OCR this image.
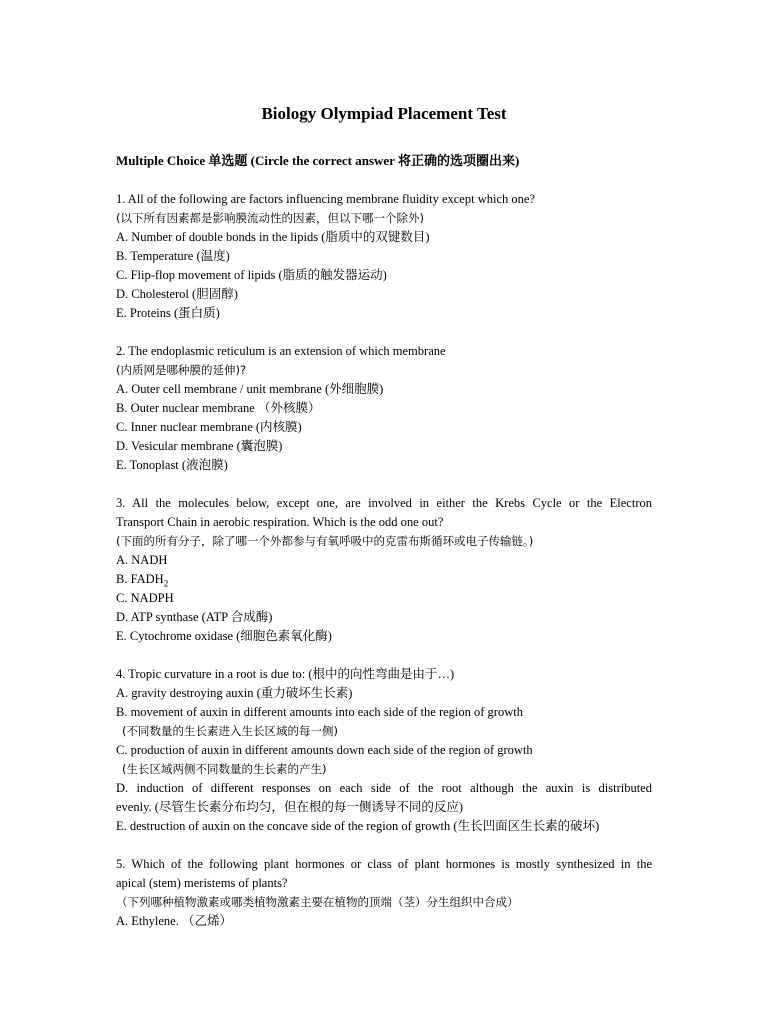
Biology Olympiad Placement Test
Multiple Choice 单选题 (Circle the correct answer 将正确的选项圈出来)
1. All of the following are factors influencing membrane fluidity except which one?
(以下所有因素都是影响膜流动性的因素，但以下哪一个除外)
A. Number of double bonds in the lipids (脂质中的双键数目)
B. Temperature (温度)
C. Flip-flop movement of lipids (脂质的触发器运动)
D. Cholesterol (胆固醇)
E. Proteins (蛋白质)
2. The endoplasmic reticulum is an extension of which membrane
(内质网是哪种膜的延伸)?
A. Outer cell membrane / unit membrane (外细胞膜)
B. Outer nuclear membrane （外核膜）
C. Inner nuclear membrane (内核膜)
D. Vesicular membrane (囊泡膜)
E. Tonoplast (液泡膜)
3. All the molecules below, except one, are involved in either the Krebs Cycle or the Electron
Transport Chain in aerobic respiration. Which is the odd one out?
(下面的所有分子，除了哪一个外都参与有氧呼吸中的克雷布斯循环或电子传输链。)
A. NADH
B. $FADH_2$
C. NADPH
D. ATP synthase (ATP 合成酶)
E. Cytochrome oxidase (细胞色素氧化酶)
4. Tropic curvature in a root is due to: (根中的向性弯曲是由于…)
A. gravity destroying auxin (重力破坏生长素)
B. movement of auxin in different amounts into each side of the region of growth
(不同数量的生长素进入生长区域的每一侧)
C. production of auxin in different amounts down each side of the region of growth
(生长区域两侧不同数量的生长素的产生)
D. induction of different responses on each side of the root although the auxin is distributed
evenly. (尽管生长素分布均匀，但在根的每一侧诱导不同的反应)
E. destruction of auxin on the concave side of the region of growth (生长凹面区生长素的破坏)
5. Which of the following plant hormones or class of plant hormones is mostly synthesized in the
apical (stem) meristems of plants?
（下列哪种植物激素或哪类植物激素主要在植物的顶端（茎）分生组织中合成）
A. Ethylene. （乙烯）
